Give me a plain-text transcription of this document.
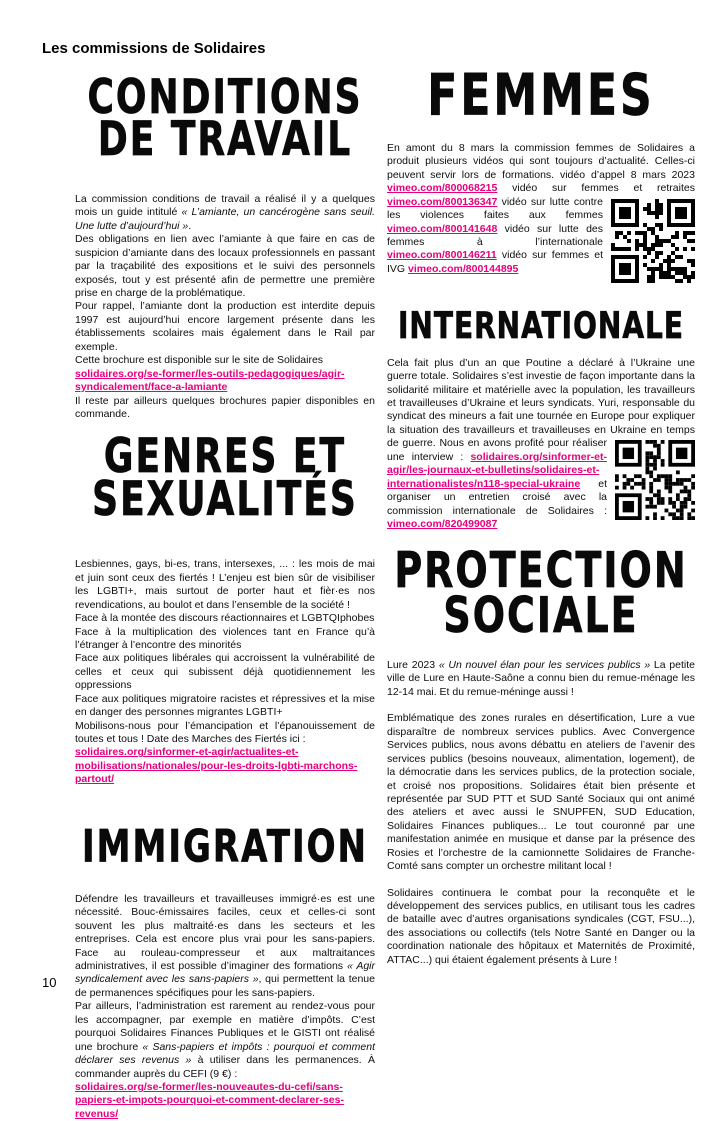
Les commissions de Solidaires
CONDITIONS
DE TRAVAIL

La commission conditions de travail a réalisé il y a quelques mois un guide intitulé « L’amiante, un cancérogène sans seuil. Une lutte d’aujourd’hui ».

Des obligations en lien avec l’amiante à que faire en cas de suspicion d’amiante dans des locaux professionnels en passant par la traçabilité des expositions et le suivi des personnels exposés, tout y est présenté afin de permettre une première prise en charge de la problématique.

Pour rappel, l’amiante dont la production est interdite depuis 1997 est aujourd’hui encore largement présente dans les établissements scolaires mais également dans le Rail par exemple.

Cette brochure est disponible sur le site de Solidaires

solidaires.org/se-former/les-outils-pedagogiques/agir-syndicalement/face-a-lamiante

Il reste par ailleurs quelques brochures papier disponibles en commande.

GENRES ET
SEXUALITÉS

Lesbiennes, gays, bi-es, trans, intersexes, ... : les mois de mai et juin sont ceux des fiertés ! L’enjeu est bien sûr de visibiliser les LGBTI+, mais surtout de porter haut et fièr·es nos revendications, au boulot et dans l’ensemble de la société !

Face à la montée des discours réactionnaires et LGBTQIphobes

Face à la multiplication des violences tant en France qu’à l’étranger à l’encontre des minorités

Face aux politiques libérales qui accroissent la vulnérabilité de celles et ceux qui subissent déjà quotidiennement les oppressions

Face aux politiques migratoire racistes et répressives et la mise en danger des personnes migrantes LGBTI+

Mobilisons-nous pour l’émancipation et l’épanouissement de toutes et tous ! Date des Marches des Fiertés ici :

solidaires.org/sinformer-et-agir/actualites-et-mobilisations/nationales/pour-les-droits-lgbti-marchons-partout/
IMMIGRATION

Défendre les travailleurs et travailleuses immigré·es est une nécessité. Bouc-émissaires faciles, ceux et celles-ci sont souvent les plus maltraité·es dans les secteurs et les entreprises. Cela est encore plus vrai pour les sans-papiers. Face au rouleau-compresseur et aux maltraitances administratives, il est possible d’imaginer des formations « Agir syndicalement avec les sans-papiers », qui permettent la tenue de permanences spécifiques pour les sans-papiers.

Par ailleurs, l’administration est rarement au rendez-vous pour les accompagner, par exemple en matière d’impôts. C’est pourquoi Solidaires Finances Publiques et le GISTI ont réalisé une brochure « Sans-papiers et impôts : pourquoi et comment déclarer ses revenus » à utiliser dans les permanences. À commander auprès du CEFI (9 €) :

solidaires.org/se-former/les-nouveautes-du-cefi/sans-papiers-et-impots-pourquoi-et-comment-declarer-ses-revenus/
FEMMES

En amont du 8 mars la commission femmes de Solidaires a produit plusieurs vidéos qui sont toujours d’actualité. Celles-ci peuvent servir lors de formations. vidéo d’appel 8 mars 2023 vimeo.com/800068215 vidéo sur femmes et retraites vimeo.com/800136347
vidéo sur lutte contre les violences faites aux femmes vimeo.com/800141648 vidéo sur lutte des femmes à l’internationale vimeo.com/800146211 vidéo sur femmes et IVG vimeo.com/800144895

INTERNATIONALE

Cela fait plus d’un an que Poutine a déclaré à l’Ukraine une guerre totale. Solidaires s’est investie de façon importante dans la solidarité militaire et matérielle avec la population, les travailleurs et travailleuses d’Ukraine et leurs syndicats. Yuri, responsable du syndicat des mineurs a fait une tournée en Europe pour expliquer la situation des travailleurs et travailleuses en Ukraine en temps de guerre.
Nous en avons profité pour réaliser une interview : solidaires.org/sinformer-et-agir/les-journaux-et-bulletins/solidaires-et-internationalistes/n118-special-ukraine et organiser un entretien croisé avec la commission internationale de Solidaires : vimeo.com/820499087

PROTECTION
SOCIALE

Lure 2023 « Un nouvel élan pour les services publics » La petite ville de Lure en Haute-Saône a connu bien du remue-ménage les 12-14 mai. Et du remue-méninge aussi !

Emblématique des zones rurales en désertification, Lure a vue disparaître de nombreux services publics. Avec Convergence Services publics, nous avons débattu en ateliers de l’avenir des services publics (besoins nouveaux, alimentation, logement), de la démocratie dans les services publics, de la protection sociale, et croisé nos propositions. Solidaires était bien présente et représentée par SUD PTT et SUD Santé Sociaux qui ont animé des ateliers et avec aussi le SNUPFEN, SUD Education, Solidaires Finances publiques... Le tout couronné par une manifestation animée en musique et danse par la présence des Rosies et l’orchestre de la camionnette Solidaires de Franche-Comté sans compter un orchestre militant local !

Solidaires continuera le combat pour la reconquête et le développement des services publics, en utilisant tous les cadres de bataille avec d’autres organisations syndicales (CGT, FSU...), des associations ou collectifs (tels Notre Santé en Danger ou la coordination nationale des hôpitaux et Maternités de Proximité, ATTAC...) qui étaient également présents à Lure !

10
